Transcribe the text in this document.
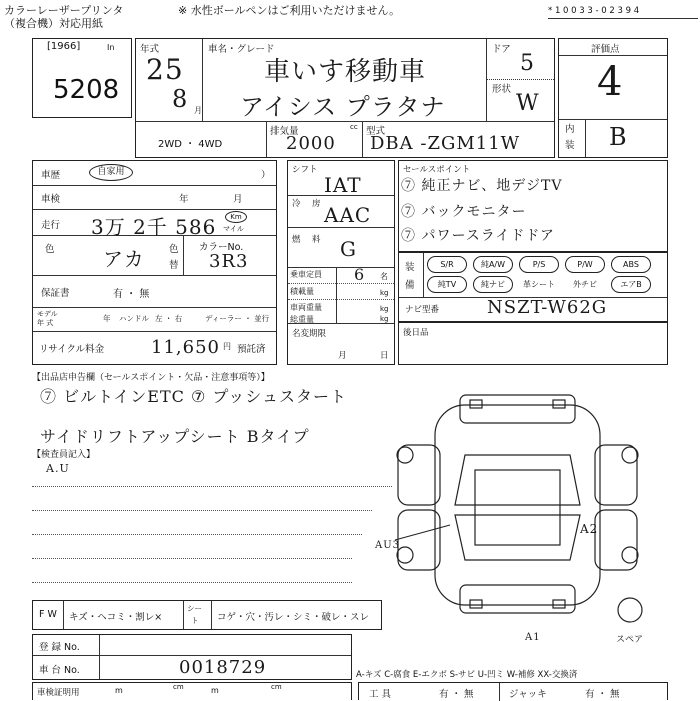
カラーレーザープリンタ
（複合機）対応用紙
※ 水性ボールペンはご利用いただけません。	* 1 0 0 3 3 - 0 2 3 9 4
[1966]	In
5208
年式
25
8 月
車名・グレード
車いす移動車
アイシス プラタナ
ドア
5
形状
W
2WD ・ 4WD
排気量
2000
cc 型式
DBA -ZGM11W
評価点
4
内
装 B
車歴	自家用	）
車検	年	月
走行 3万 2千 586	Km
マイル
色 アカ	色
替
カラーNo.
3R3
保証書	有 ・ 無
モデル
年 式	年 ハンドル 左 ・ 右	ディーラー ・ 並行
リサイクル料金	11,650 円 預託済
シフト
IAT
冷 房 AAC
燃 料 G
乗車定員 6 名
積載量	kg
車両重量	kg
総重量	kg
名変期限
月	日
セールスポイント
⑦ 純正ナビ、地デジTV
⑦ バックモニター
⑦ パワースライドドア
装
備
S/R	純A/W	P/S	P/W	ABS
純TV	純ナビ	革シート	外チビ	エアB
ナビ型番	NSZT-W62G
後日品
【出品店申告欄（セールスポイント・欠品・注意事項等）】
⑦ ビルトインETC ⑦ プッシュスタート
サイドリフトアップシート Bタイプ
【検査員記入】
A.U
AU3
A2
A1	スペア
F W キズ・ヘコミ・割レ×
シー
ト コゲ・穴・汚レ・シミ・破レ・スレ
登 録 No.
車 台 No.	0018729	A-キズ C-腐食 E-エクボ S-サビ U-凹ミ W-補修 XX-交換済
車検証明用	m	cm	m	cm
工 具	有 ・ 無	ジャッキ	有 ・ 無
